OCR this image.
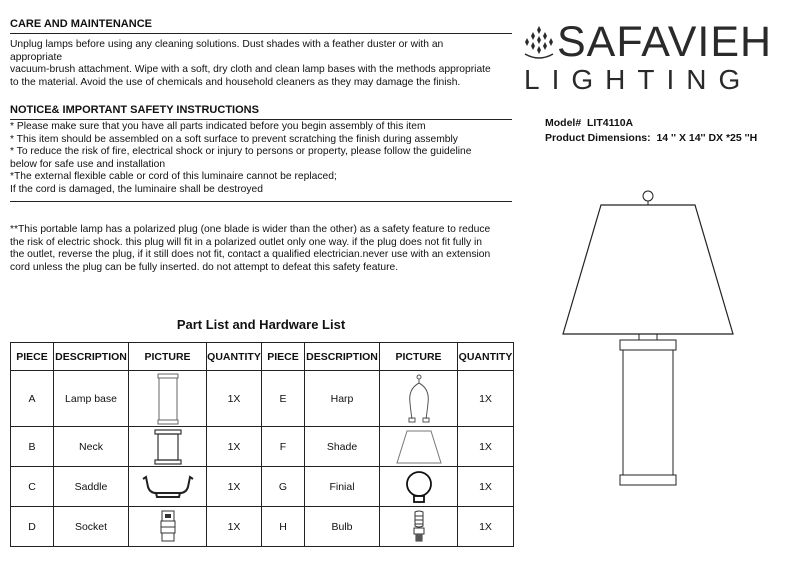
CARE AND MAINTENANCE
Unplug lamps before using any cleaning solutions. Dust shades with a feather duster or with an
appropriate
vacuum-brush attachment. Wipe with a soft, dry cloth and clean lamp bases with the methods appropriate
to the material. Avoid the use of chemicals and household cleaners as they may damage the finish.
NOTICE& IMPORTANT SAFETY INSTRUCTIONS
* Please make sure that you have all parts indicated before you begin assembly of this item
* This item should be assembled on a soft surface to prevent scratching the finish during assembly
* To reduce the risk of fire, electrical shock or injury to persons or property, please follow the guideline
below for safe use and installation
*The external flexible cable or cord of this luminaire cannot be replaced;
If the cord is damaged, the luminaire shall be destroyed
**This portable lamp has a polarized plug (one blade is wider than the other) as a safety feature to reduce
the risk of electric shock. this plug will fit in a polarized outlet only one way. if the plug does not fit fully in
the outlet, reverse the plug, if it still does not fit, contact a qualified electrician.never use with an extension
cord unless the plug can be fully inserted. do not attempt to defeat this safety feature.
SAFAVIEH
LIGHTING
Model# LIT4110A
Product Dimensions: 14 '' X 14'' DX *25 ''H
Part List and Hardware List
PIECE	DESCRIPTION	PICTURE	QUANTITY	PIECE	DESCRIPTION	PICTURE	QUANTITY
A	Lamp base		1X	E	Harp		1X
B	Neck		1X	F	Shade		1X
C	Saddle		1X	G	Finial		1X
D	Socket		1X	H	Bulb		1X
